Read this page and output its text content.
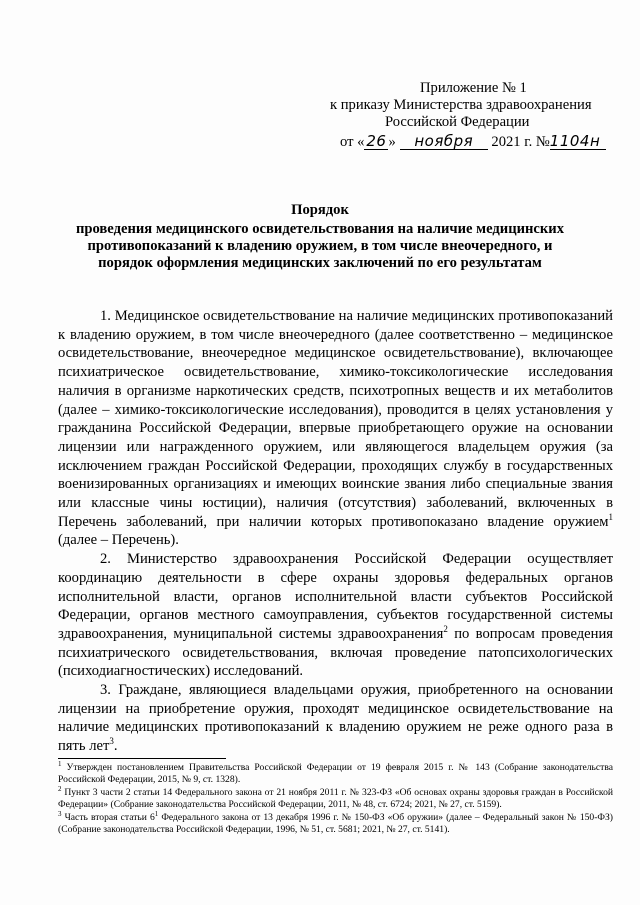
Приложение № 1
к приказу Министерства здравоохранения
Российской Федерации
от « 26 » ноября 2021 г. №1104н
Порядок
проведения медицинского освидетельствования на наличие медицинских противопоказаний к владению оружием, в том числе внеочередного, и порядок оформления медицинских заключений по его результатам

1. Медицинское освидетельствование на наличие медицинских противопоказаний к владению оружием, в том числе внеочередного (далее соответственно – медицинское освидетельствование, внеочередное медицинское освидетельствование), включающее психиатрическое освидетельствование, химико-токсикологические исследования наличия в организме наркотических средств, психотропных веществ и их метаболитов (далее – химико-токсикологические исследования), проводится в целях установления у гражданина Российской Федерации, впервые приобретающего оружие на основании лицензии или награжденного оружием, или являющегося владельцем оружия (за исключением граждан Российской Федерации, проходящих службу в государственных военизированных организациях и имеющих воинские звания либо специальные звания или классные чины юстиции), наличия (отсутствия) заболеваний, включенных в Перечень заболеваний, при наличии которых противопоказано владение оружием$^1$ (далее – Перечень).

2. Министерство здравоохранения Российской Федерации осуществляет координацию деятельности в сфере охраны здоровья федеральных органов исполнительной власти, органов исполнительной власти субъектов Российской Федерации, органов местного самоуправления, субъектов государственной системы здравоохранения, муниципальной системы здравоохранения$^2$ по вопросам проведения психиатрического освидетельствования, включая проведение патопсихологических (психодиагностических) исследований.

3. Граждане, являющиеся владельцами оружия, приобретенного на основании лицензии на приобретение оружия, проходят медицинское освидетельствование на наличие медицинских противопоказаний к владению оружием не реже одного раза в пять лет$^3$.

$^1$ Утвержден постановлением Правительства Российской Федерации от 19 февраля 2015 г. № 143 (Собрание законодательства Российской Федерации, 2015, № 9, ст. 1328).

$^2$ Пункт 3 части 2 статьи 14 Федерального закона от 21 ноября 2011 г. № 323-ФЗ «Об основах охраны здоровья граждан в Российской Федерации» (Собрание законодательства Российской Федерации, 2011, № 48, ст. 6724; 2021, № 27, ст. 5159).

$^3$ Часть вторая статьи $6^1$ Федерального закона от 13 декабря 1996 г. № 150-ФЗ «Об оружии» (далее – Федеральный закон № 150-ФЗ) (Собрание законодательства Российской Федерации, 1996, № 51, ст. 5681; 2021, № 27, ст. 5141).
